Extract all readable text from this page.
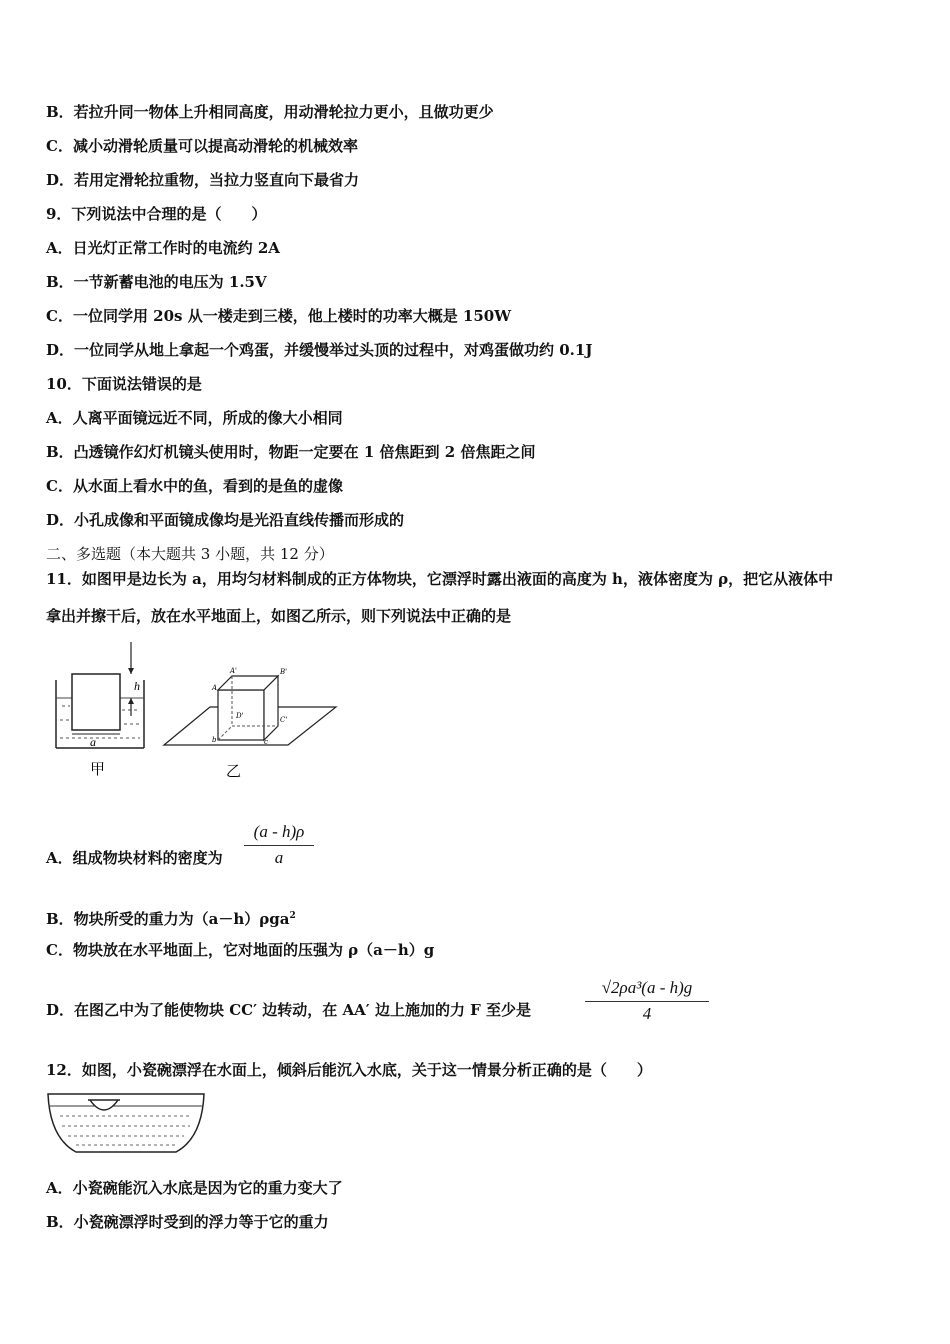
B．若拉升同一物体上升相同高度，用动滑轮拉力更小，且做功更少
C．减小动滑轮质量可以提高动滑轮的机械效率
D．若用定滑轮拉重物，当拉力竖直向下最省力
9．下列说法中合理的是（　　）
A．日光灯正常工作时的电流约 2A
B．一节新蓄电池的电压为 1.5V
C．一位同学用 20s 从一楼走到三楼，他上楼时的功率大概是 150W
D．一位同学从地上拿起一个鸡蛋，并缓慢举过头顶的过程中，对鸡蛋做功约 0.1J
10．下面说法错误的是
A．人离平面镜远近不同，所成的像大小相同
B．凸透镜作幻灯机镜头使用时，物距一定要在 1 倍焦距到 2 倍焦距之间
C．从水面上看水中的鱼，看到的是鱼的虚像
D．小孔成像和平面镜成像均是光沿直线传播而形成的
二、多选题（本大题共 3 小题，共 12 分）
11．如图甲是边长为 a，用均匀材料制成的正方体物块，它漂浮时露出液面的高度为 h，液体密度为 ρ，把它从液体中
拿出并擦干后，放在水平地面上，如图乙所示，则下列说法中正确的是
h
a
甲
A'	B'
A
D'	C'
b	c
乙
A．组成物块材料的密度为 $\frac{(a - h)\rho}{a}$
B．物块所受的重力为（a－h）ρga$^2$
C．物块放在水平地面上，它对地面的压强为 ρ（a－h）g
D．在图乙中为了能使物块 CC′ 边转动，在 AA′ 边上施加的力 F 至少是	$\frac{\text{√2ρa³(a - h)g}}{4}$
12．如图，小瓷碗漂浮在水面上，倾斜后能沉入水底，关于这一情景分析正确的是（　　）
A．小瓷碗能沉入水底是因为它的重力变大了
B．小瓷碗漂浮时受到的浮力等于它的重力
